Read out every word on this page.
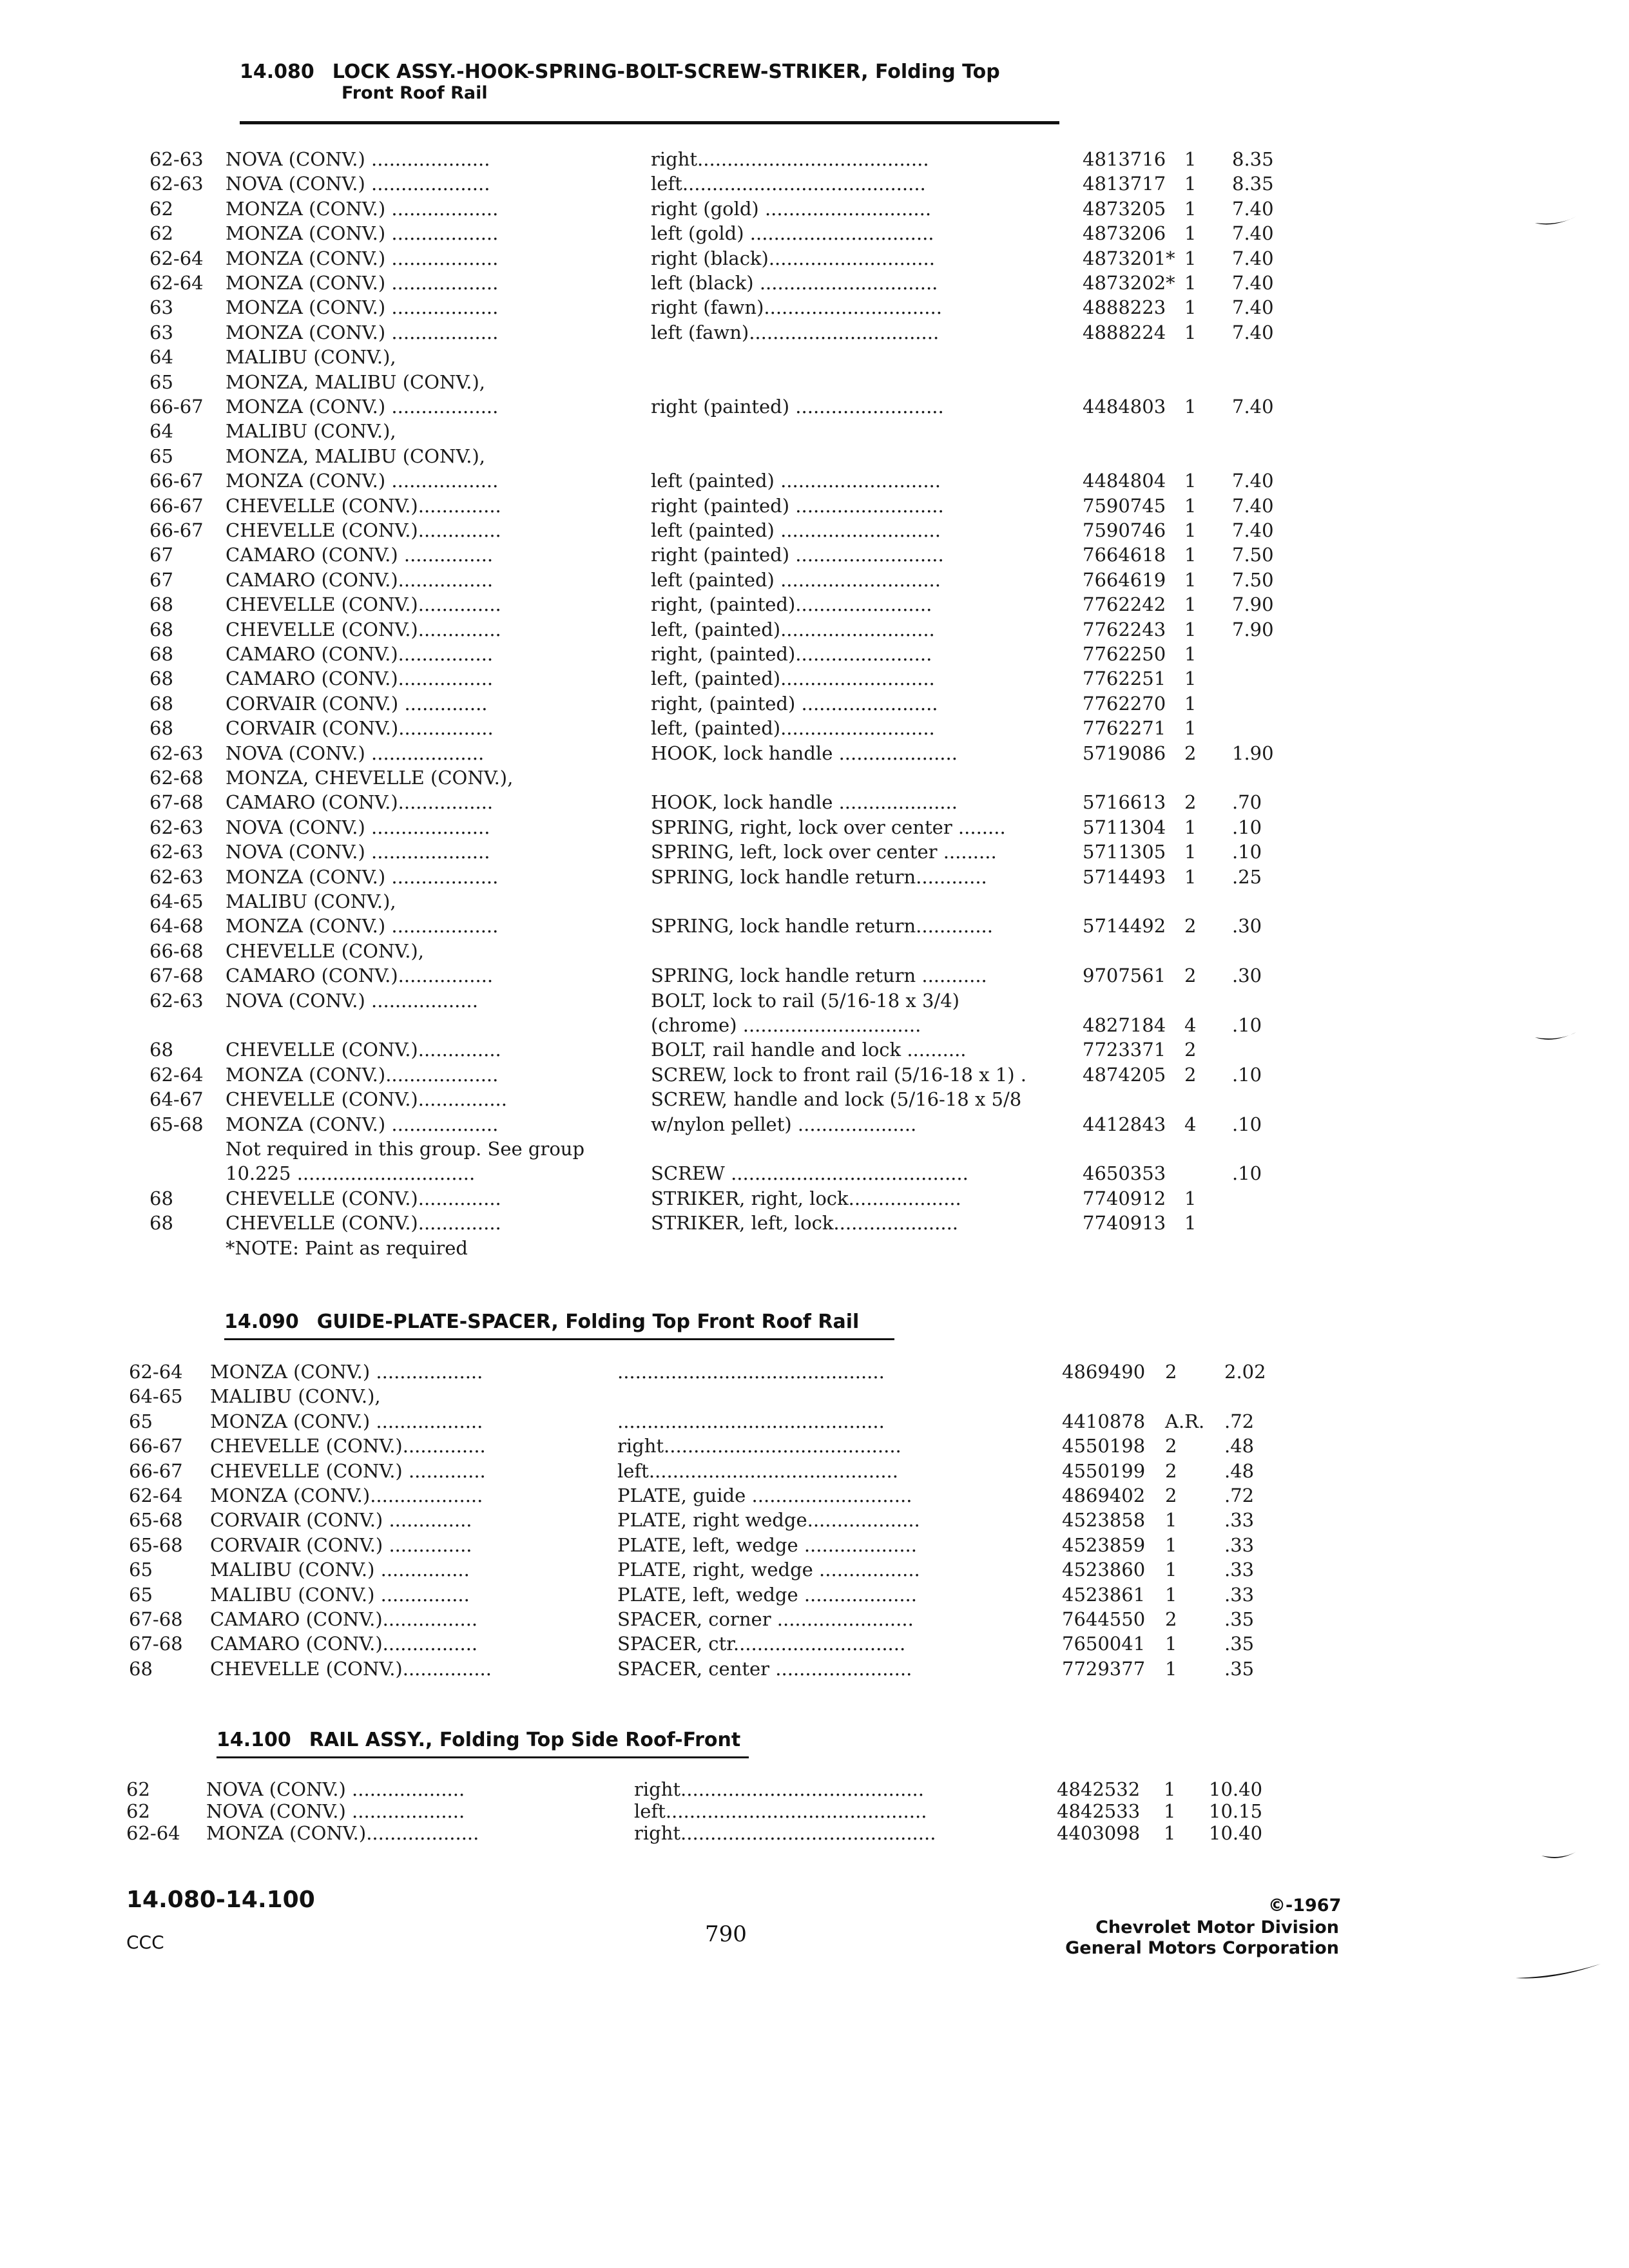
14.080 LOCK ASSY.-HOOK-SPRING-BOLT-SCREW-STRIKER, Folding Top
Front Roof Rail
62-63 NOVA (CONV.) ....................	right.......................................	4813716 1 8.35
62-63 NOVA (CONV.) ....................	left.........................................	4813717 1 8.35
62	MONZA (CONV.) ..................	right (gold) ............................	4873205 1 7.40
62	MONZA (CONV.) ..................	left (gold) ...............................	4873206 1 7.40
62-64 MONZA (CONV.) ..................	right (black)............................	4873201* 1 7.40
62-64 MONZA (CONV.) ..................	left (black) ..............................	4873202* 1 7.40
63	MONZA (CONV.) ..................	right (fawn)..............................	4888223 1 7.40
63	MONZA (CONV.) ..................	left (fawn)................................	4888224 1 7.40
64	MALIBU (CONV.),
65	MONZA, MALIBU (CONV.),
66-67 MONZA (CONV.) ..................	right (painted) .........................	4484803 1 7.40
64	MALIBU (CONV.),
65	MONZA, MALIBU (CONV.),
66-67 MONZA (CONV.) ..................	left (painted) ...........................	4484804 1 7.40
66-67 CHEVELLE (CONV.)..............	right (painted) .........................	7590745 1 7.40
66-67 CHEVELLE (CONV.)..............	left (painted) ...........................	7590746 1 7.40
67	CAMARO (CONV.) ...............	right (painted) .........................	7664618 1 7.50
67	CAMARO (CONV.)................	left (painted) ...........................	7664619 1 7.50
68	CHEVELLE (CONV.)..............	right, (painted).......................	7762242 1 7.90
68	CHEVELLE (CONV.)..............	left, (painted)..........................	7762243 1 7.90
68	CAMARO (CONV.)................	right, (painted).......................	7762250 1
68	CAMARO (CONV.)................	left, (painted)..........................	7762251 1
68	CORVAIR (CONV.) ..............	right, (painted) .......................	7762270 1
68	CORVAIR (CONV.)................	left, (painted)..........................	7762271 1
62-63 NOVA (CONV.) ...................	HOOK, lock handle ....................	5719086 2 1.90
62-68 MONZA, CHEVELLE (CONV.),
67-68 CAMARO (CONV.)................	HOOK, lock handle ....................	5716613 2 .70
62-63 NOVA (CONV.) ....................	SPRING, right, lock over center ........	5711304 1 .10
62-63 NOVA (CONV.) ....................	SPRING, left, lock over center .........	5711305 1 .10
62-63 MONZA (CONV.) ..................	SPRING, lock handle return............	5714493 1 .25
64-65 MALIBU (CONV.),
64-68 MONZA (CONV.) ..................	SPRING, lock handle return.............	5714492 2 .30
66-68 CHEVELLE (CONV.),
67-68 CAMARO (CONV.)................	SPRING, lock handle return ...........	9707561 2 .30
62-63 NOVA (CONV.) ..................	BOLT, lock to rail (5/16-18 x 3/4)
(chrome) ..............................	4827184 4 .10
68	CHEVELLE (CONV.)..............	BOLT, rail handle and lock ..........	7723371 2
62-64 MONZA (CONV.)...................	SCREW, lock to front rail (5/16-18 x 1) .	4874205 2 .10
64-67 CHEVELLE (CONV.)...............	SCREW, handle and lock (5/16-18 x 5/8
65-68 MONZA (CONV.) ..................	w/nylon pellet) ....................	4412843 4 .10
Not required in this group. See group
10.225 ..............................	SCREW ........................................	4650353	.10
68	CHEVELLE (CONV.)..............	STRIKER, right, lock...................	7740912 1
68	CHEVELLE (CONV.)..............	STRIKER, left, lock.....................	7740913 1
*NOTE: Paint as required
14.090 GUIDE-PLATE-SPACER, Folding Top Front Roof Rail
62-64 MONZA (CONV.) ..................	.............................................	4869490 2	2.02
64-65 MALIBU (CONV.),
65	MONZA (CONV.) ..................	.............................................	4410878 A.R. .72
66-67 CHEVELLE (CONV.)..............	right........................................	4550198 2	.48
66-67 CHEVELLE (CONV.) .............	left..........................................	4550199 2	.48
62-64 MONZA (CONV.)...................	PLATE, guide ...........................	4869402 2	.72
65-68 CORVAIR (CONV.) ..............	PLATE, right wedge...................	4523858 1	.33
65-68 CORVAIR (CONV.) ..............	PLATE, left, wedge ...................	4523859 1	.33
65	MALIBU (CONV.) ...............	PLATE, right, wedge .................	4523860 1	.33
65	MALIBU (CONV.) ...............	PLATE, left, wedge ...................	4523861 1	.33
67-68 CAMARO (CONV.)................	SPACER, corner .......................	7644550 2	.35
67-68 CAMARO (CONV.)................	SPACER, ctr.............................	7650041 1	.35
68	CHEVELLE (CONV.)...............	SPACER, center .......................	7729377 1	.35
14.100 RAIL ASSY., Folding Top Side Roof-Front
62	NOVA (CONV.) ...................	right.........................................	4842532 1 10.40
62	NOVA (CONV.) ...................	left............................................	4842533 1 10.15
62-64 MONZA (CONV.)...................	right...........................................	4403098 1 10.40
14.080-14.100
CCC	790
©-1967
Chevrolet Motor Division
General Motors Corporation
